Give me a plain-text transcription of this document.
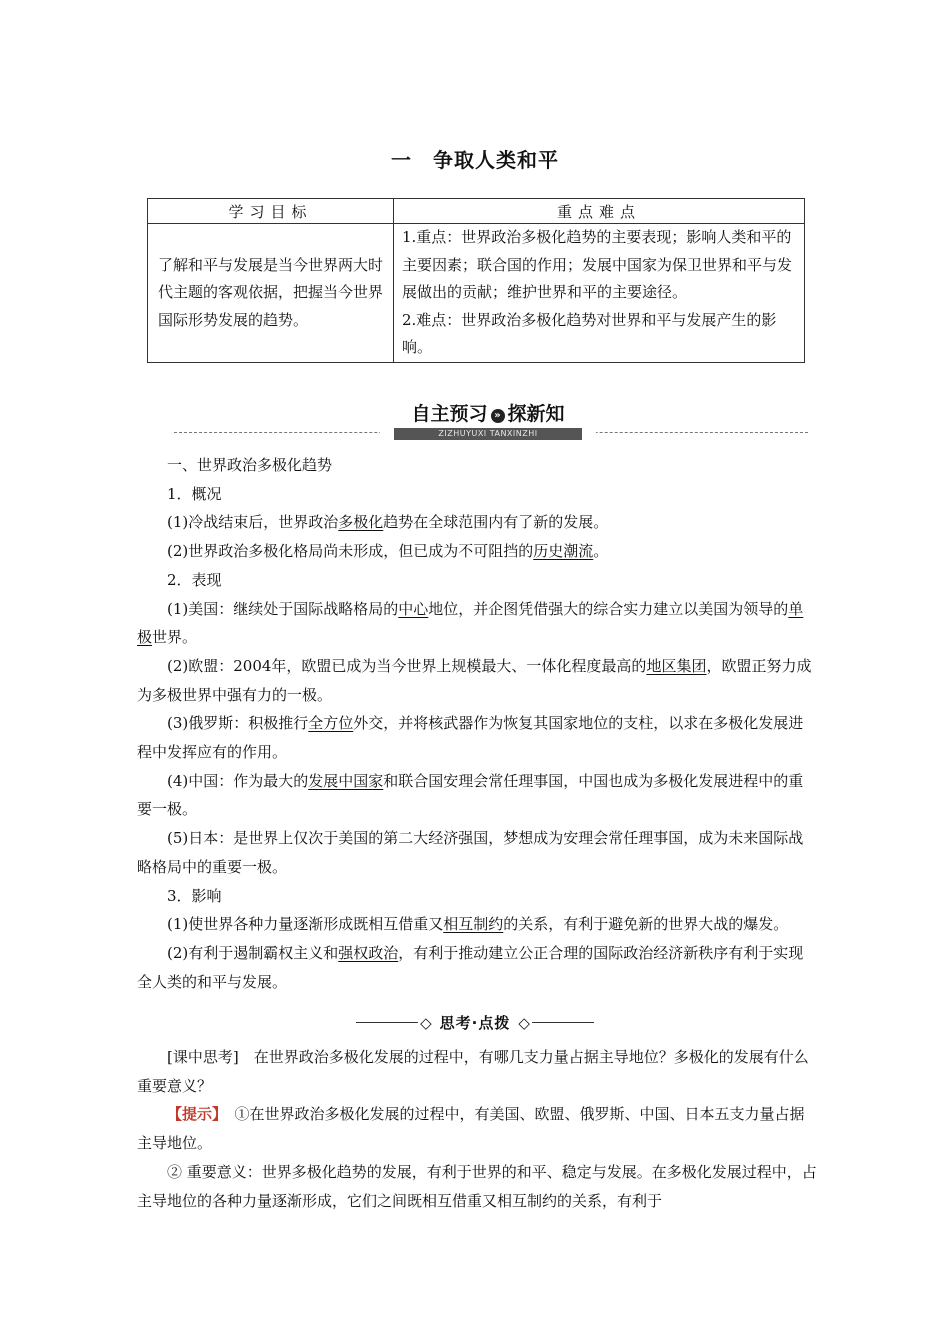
一　争取人类和平
学习目标	重点难点
了解和平与发展是当今世界两大时代主题的客观依据，把握当今世界国际形势发展的趋势。	1.重点：世界政治多极化趋势的主要表现；影响人类和平的主要因素；联合国的作用；发展中国家为保卫世界和平与发展做出的贡献；维护世界和平的主要途径。
2.难点：世界政治多极化趋势对世界和平与发展产生的影响。
自主预习 » 探新知
ZIZHUYUXI TANXINZHI

一、世界政治多极化趋势

1．概况

(1)冷战结束后，世界政治多极化趋势在全球范围内有了新的发展。

(2)世界政治多极化格局尚未形成，但已成为不可阻挡的历史潮流。

2．表现

(1)美国：继续处于国际战略格局的中心地位，并企图凭借强大的综合实力建立以美国为领导的单极世界。

(2)欧盟：2004年，欧盟已成为当今世界上规模最大、一体化程度最高的地区集团，欧盟正努力成为多极世界中强有力的一极。

(3)俄罗斯：积极推行全方位外交，并将核武器作为恢复其国家地位的支柱，以求在多极化发展进程中发挥应有的作用。

(4)中国：作为最大的发展中国家和联合国安理会常任理事国，中国也成为多极化发展进程中的重要一极。

(5)日本：是世界上仅次于美国的第二大经济强国，梦想成为安理会常任理事国，成为未来国际战略格局中的重要一极。

3．影响

(1)使世界各种力量逐渐形成既相互借重又相互制约的关系，有利于避免新的世界大战的爆发。

(2)有利于遏制霸权主义和强权政治，有利于推动建立公正合理的国际政治经济新秩序有利于实现全人类的和平与发展。

◇ 思考·点拨 ◇

[课中思考]　 在世界政治多极化发展的过程中，有哪几支力量占据主导地位？多极化的发展有什么重要意义？

【提示】　 ①在世界政治多极化发展的过程中，有美国、欧盟、俄罗斯、中国、日本五支力量占据主导地位。

② 重要意义：世界多极化趋势的发展，有利于世界的和平、稳定与发展。在多极化发展过程中，占主导地位的各种力量逐渐形成，它们之间既相互借重又相互制约的关系，有利于
